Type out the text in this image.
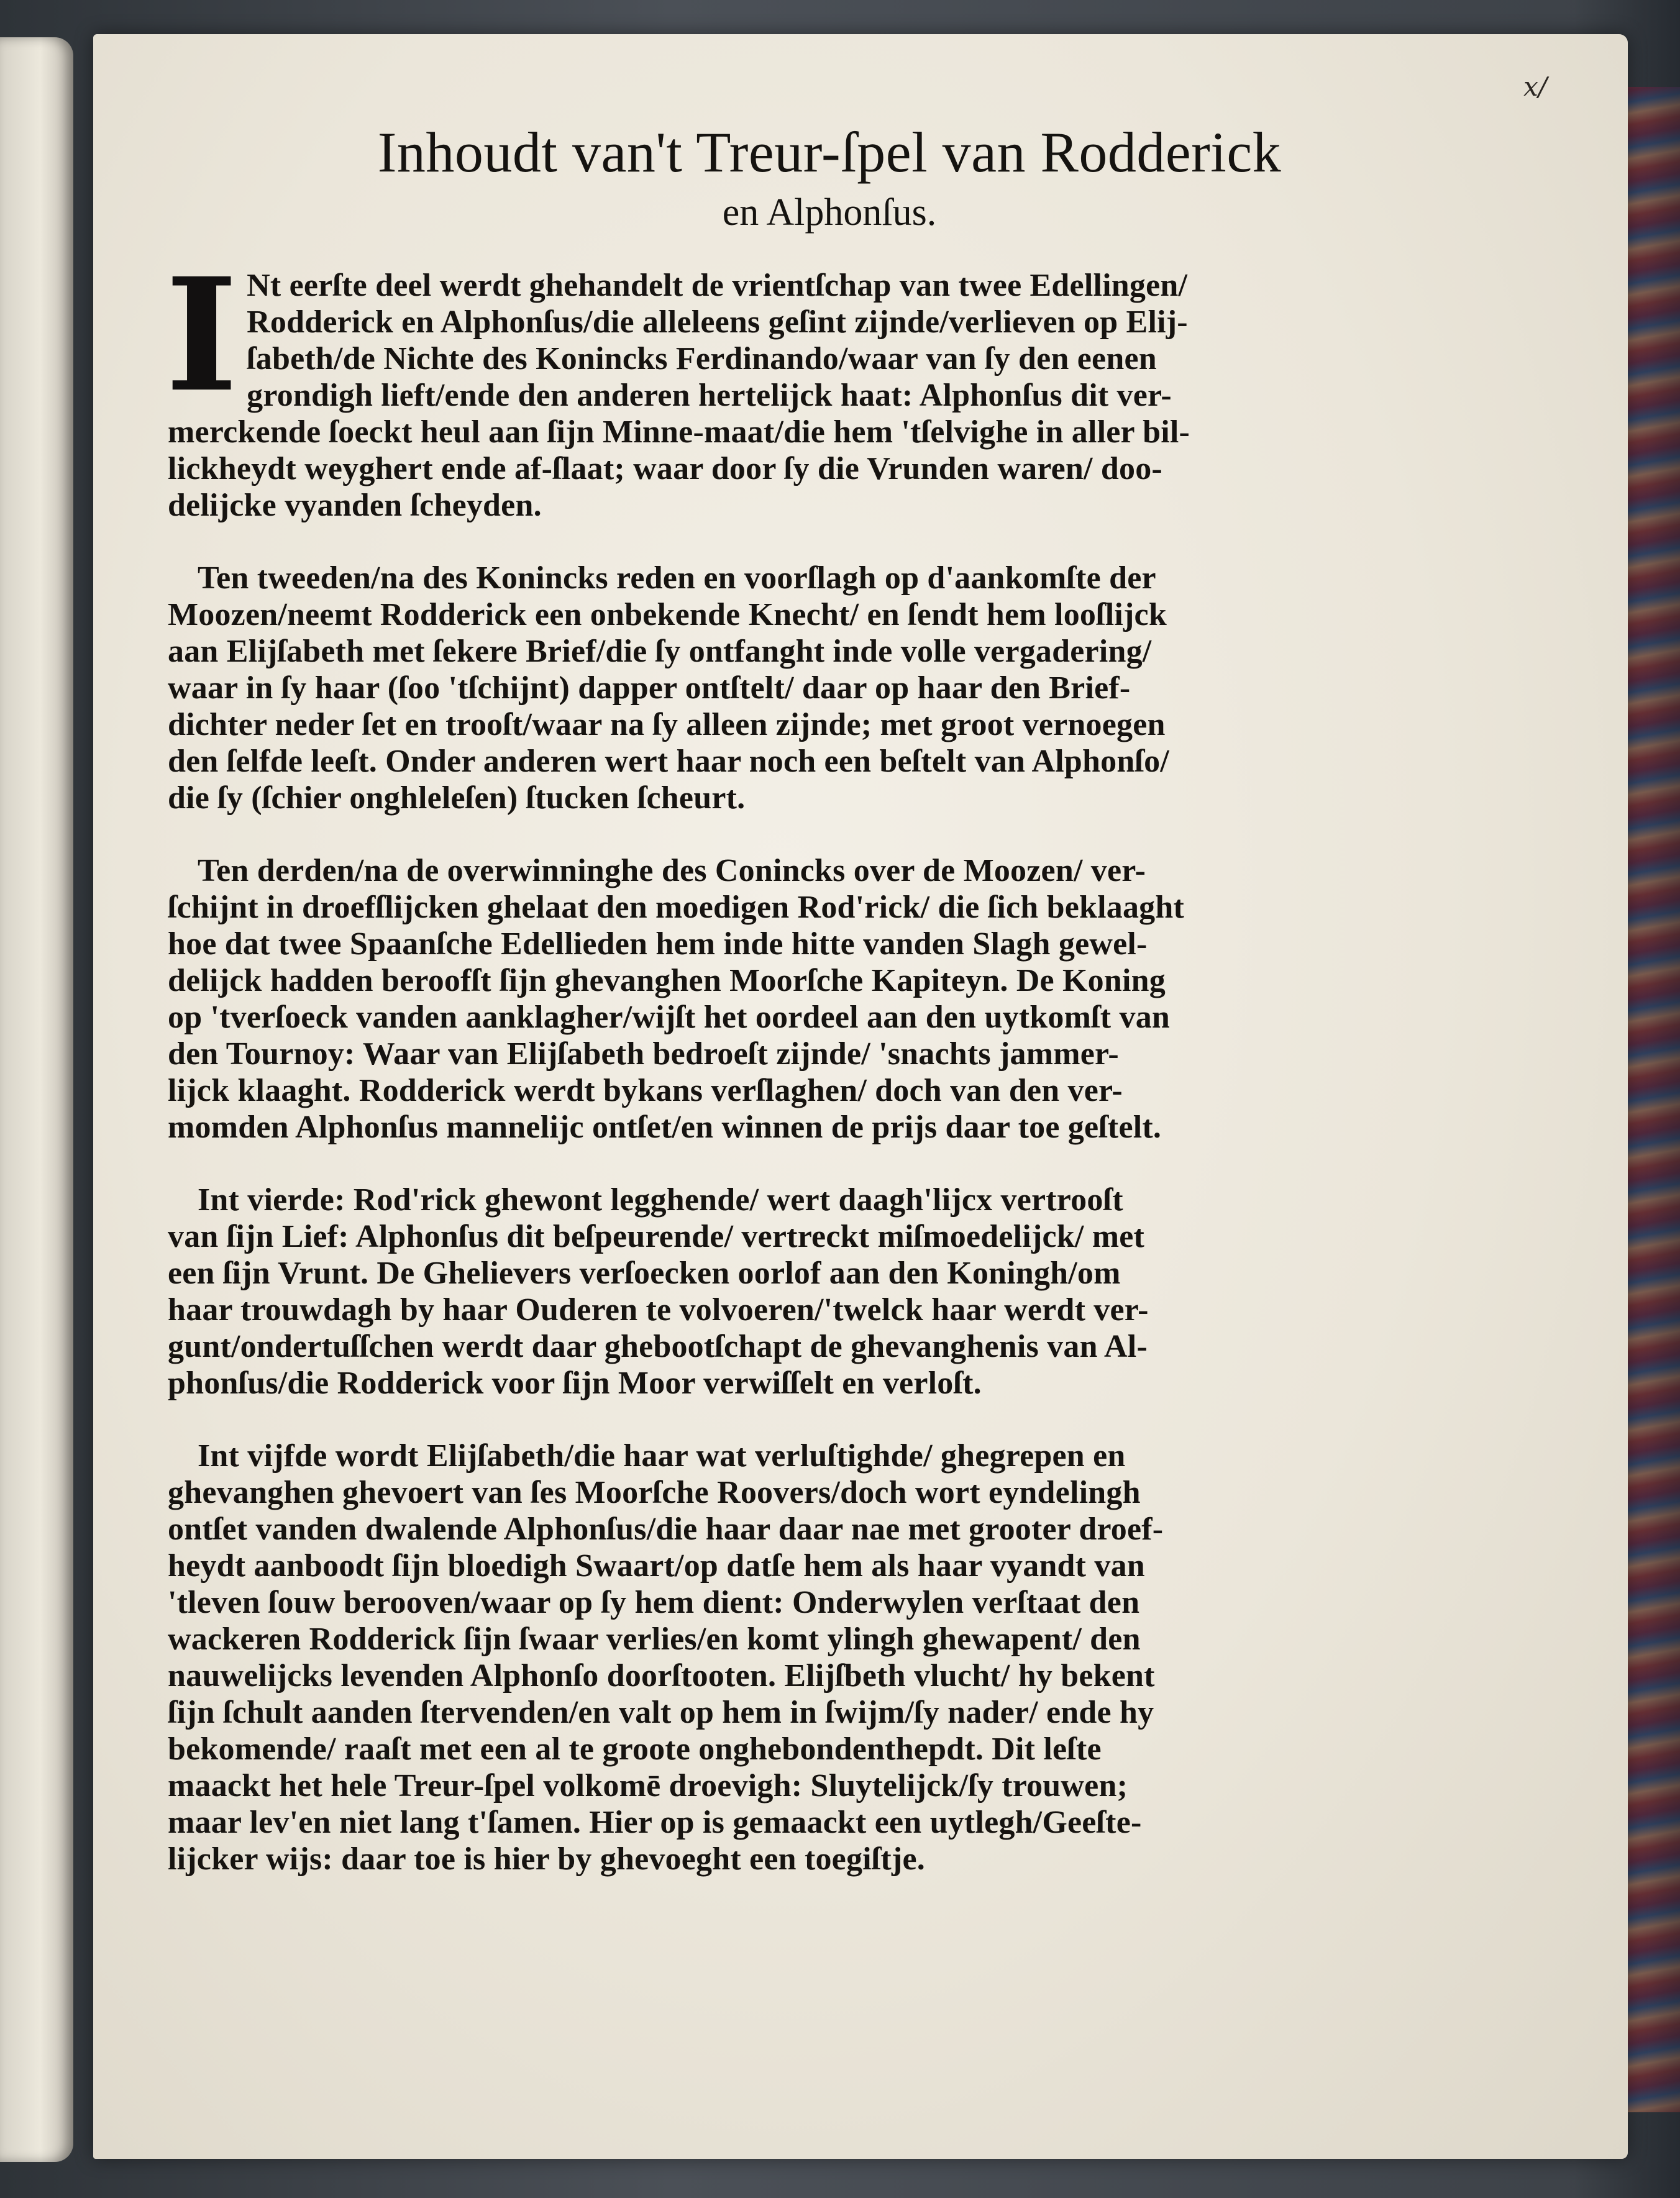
x/
Inhoudt van't Treur-ſpel van Rodderick
en Alphonſus.
I Nt eerſte deel werdt ghehandelt de vrientſchap van twee Edellingen/
Rodderick en Alphonſus/die alleleens geſint zijnde/verlieven op Elij-
ſabeth/de Nichte des Konincks Ferdinando/waar van ſy den eenen
grondigh lieft/ende den anderen hertelijck haat: Alphonſus dit ver-
merckende ſoeckt heul aan ſijn Minne-maat/die hem 'tſelvighe in aller bil-
lickheydt weyghert ende af-ſlaat; waar door ſy die Vrunden waren/ doo-
delijcke vyanden ſcheyden.
Ten tweeden/na des Konincks reden en voorſlagh op d'aankomſte der
Moozen/neemt Rodderick een onbekende Knecht/ en ſendt hem looſlijck
aan Elijſabeth met ſekere Brief/die ſy ontfanght inde volle vergadering/
waar in ſy haar (ſoo 'tſchijnt) dapper ontſtelt/ daar op haar den Brief-
dichter neder ſet en trooſt/waar na ſy alleen zijnde; met groot vernoegen
den ſelfde leeſt. Onder anderen wert haar noch een beſtelt van Alphonſo/
die ſy (ſchier onghleleſen) ſtucken ſcheurt.
Ten derden/na de overwinninghe des Conincks over de Moozen/ ver-
ſchijnt in droefſlijcken ghelaat den moedigen Rod'rick/ die ſich beklaaght
hoe dat twee Spaanſche Edellieden hem inde hitte vanden Slagh gewel-
delijck hadden beroofſt ſijn ghevanghen Moorſche Kapiteyn. De Koning
op 'tverſoeck vanden aanklagher/wijſt het oordeel aan den uytkomſt van
den Tournoy: Waar van Elijſabeth bedroeſt zijnde/ 'snachts jammer-
lijck klaaght. Rodderick werdt bykans verſlaghen/ doch van den ver-
momden Alphonſus mannelijc ontſet/en winnen de prijs daar toe geſtelt.
Int vierde: Rod'rick ghewont legghende/ wert daagh'lijcx vertrooſt
van ſijn Lief: Alphonſus dit beſpeurende/ vertreckt miſmoedelijck/ met
een ſijn Vrunt. De Ghelievers verſoecken oorlof aan den Koningh/om
haar trouwdagh by haar Ouderen te volvoeren/'twelck haar werdt ver-
gunt/ondertuſſchen werdt daar ghebootſchapt de ghevanghenis van Al-
phonſus/die Rodderick voor ſijn Moor verwiſſelt en verloſt.
Int vijfde wordt Elijſabeth/die haar wat verluſtighde/ ghegrepen en
ghevanghen ghevoert van ſes Moorſche Roovers/doch wort eyndelingh
ontſet vanden dwalende Alphonſus/die haar daar nae met grooter droef-
heydt aanboodt ſijn bloedigh Swaart/op datſe hem als haar vyandt van
'tleven ſouw berooven/waar op ſy hem dient: Onderwylen verſtaat den
wackeren Rodderick ſijn ſwaar verlies/en komt ylingh ghewapent/ den
nauwelijcks levenden Alphonſo doorſtooten. Elijſbeth vlucht/ hy bekent
ſijn ſchult aanden ſtervenden/en valt op hem in ſwijm/ſy nader/ ende hy
bekomende/ raaſt met een al te groote onghebondenthepdt. Dit leſte
maackt het hele Treur-ſpel volkomē droevigh: Sluytelijck/ſy trouwen;
maar lev'en niet lang t'ſamen. Hier op is gemaackt een uytlegh/Geeſte-
lijcker wijs: daar toe is hier by ghevoeght een toegiſtje.
